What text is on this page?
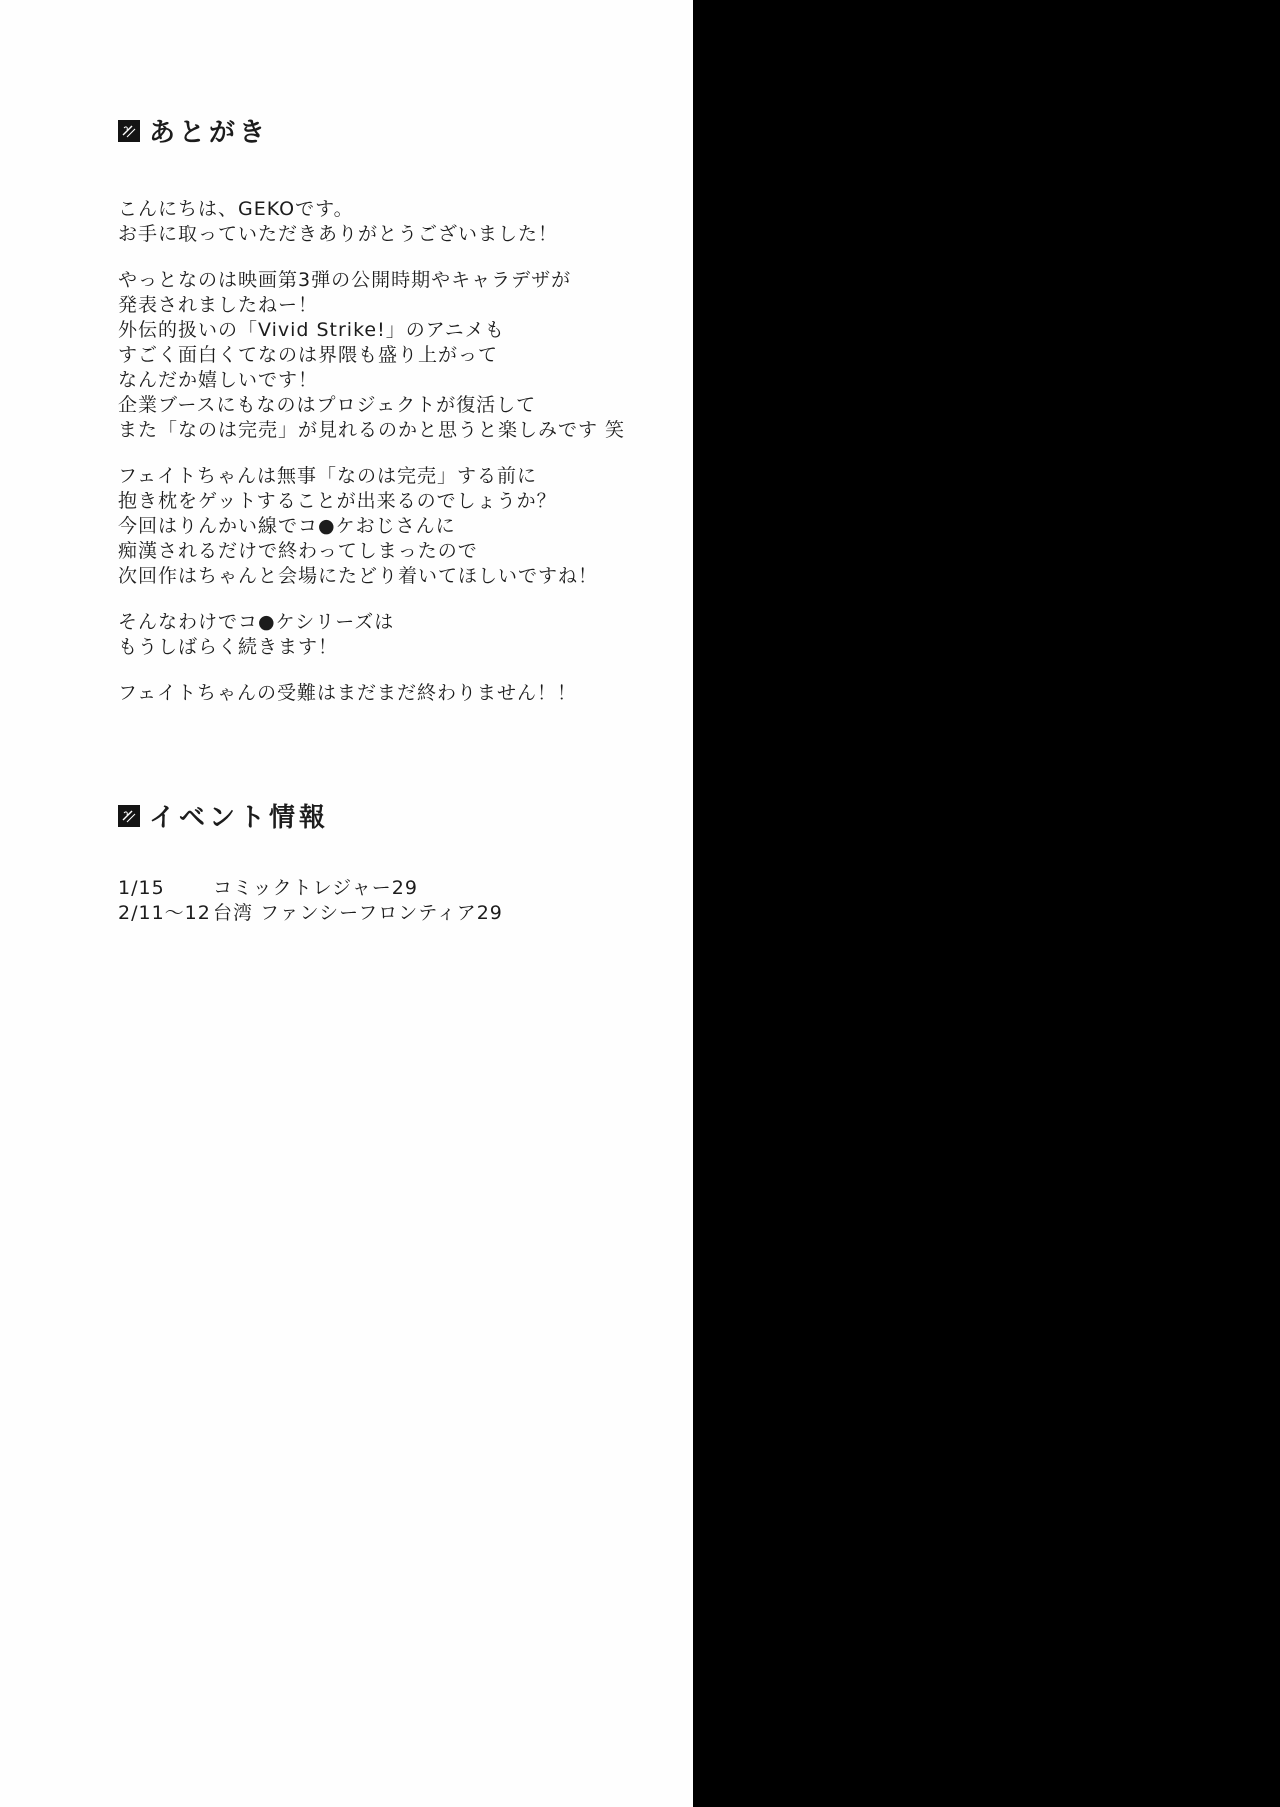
あとがき

こんにちは、GEKOです。
お手に取っていただきありがとうございました！

やっとなのは映画第3弾の公開時期やキャラデザが
発表されましたねー！
外伝的扱いの「Vivid Strike!」のアニメも
すごく面白くてなのは界隈も盛り上がって
なんだか嬉しいです！
企業ブースにもなのはプロジェクトが復活して
また「なのは完売」が見れるのかと思うと楽しみです 笑

フェイトちゃんは無事「なのは完売」する前に
抱き枕をゲットすることが出来るのでしょうか？
今回はりんかい線でコ●ケおじさんに
痴漢されるだけで終わってしまったので
次回作はちゃんと会場にたどり着いてほしいですね！

そんなわけでコ●ケシリーズは
もうしばらく続きます！

フェイトちゃんの受難はまだまだ終わりません！！

イベント情報
1/15	コミックトレジャー29
2/11～12 台湾 ファンシーフロンティア29
